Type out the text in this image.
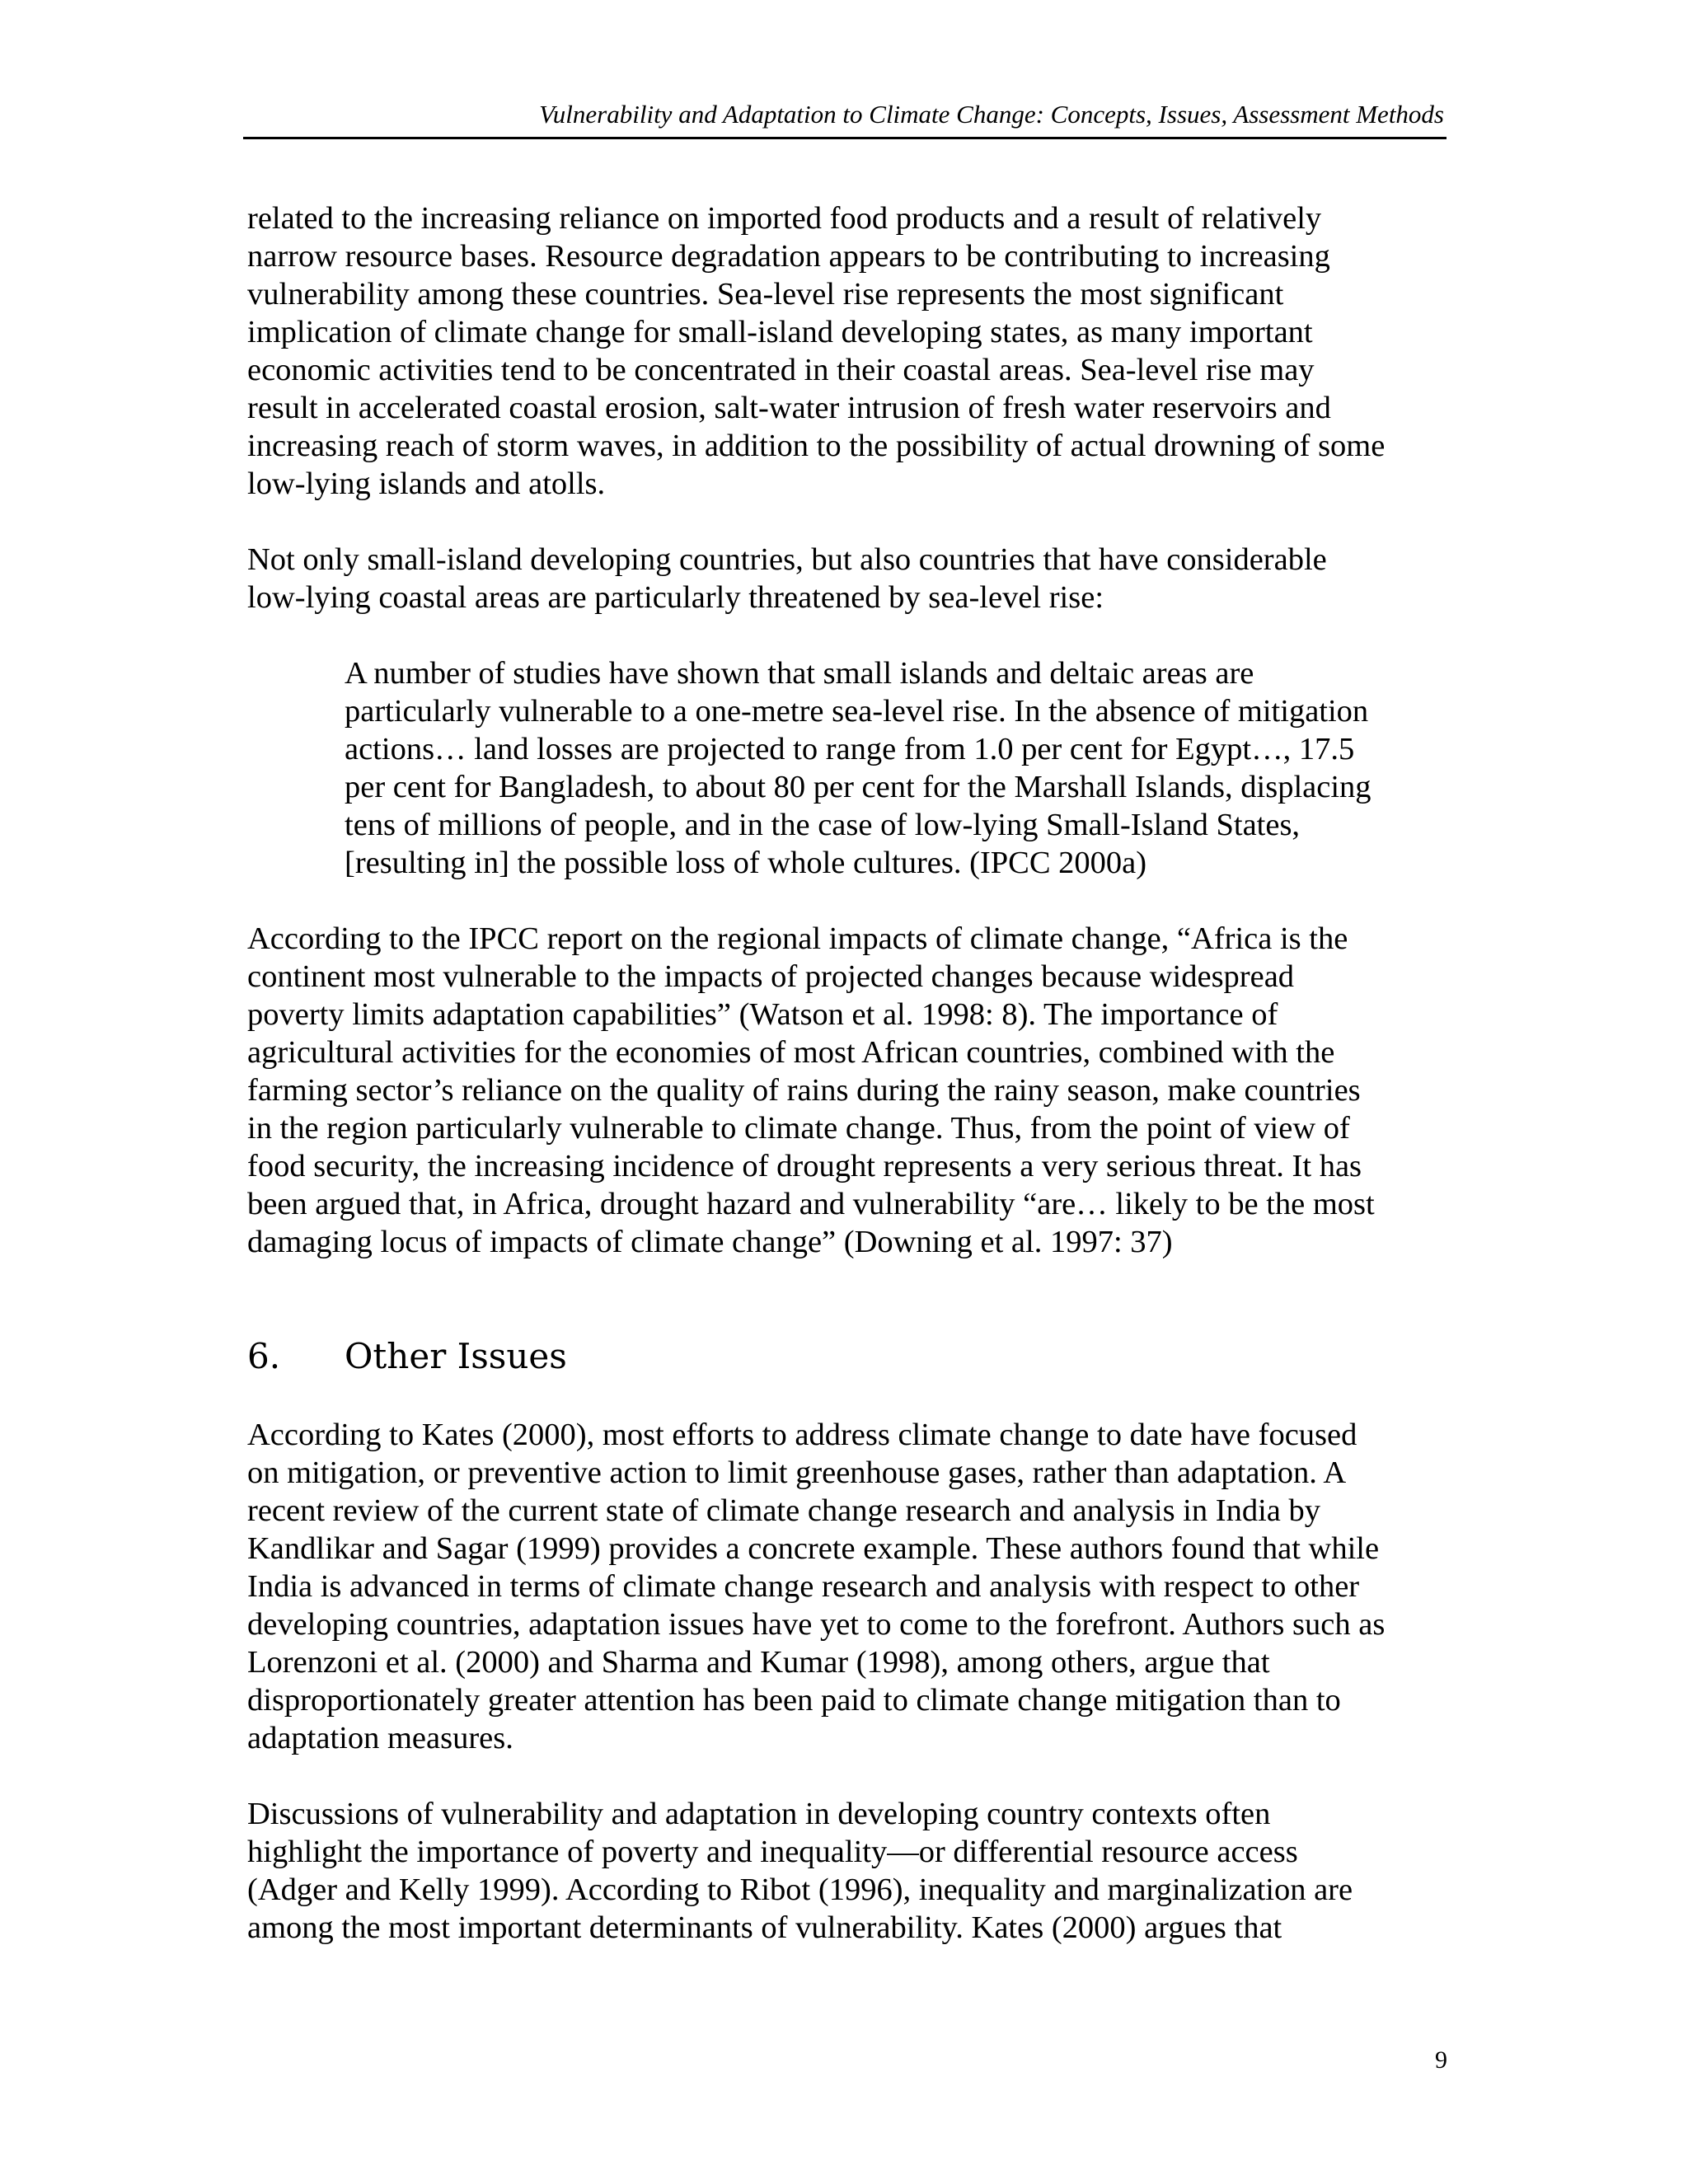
Vulnerability and Adaptation to Climate Change: Concepts, Issues, Assessment Methods
related to the increasing reliance on imported food products and a result of relatively
narrow resource bases. Resource degradation appears to be contributing to increasing
vulnerability among these countries. Sea-level rise represents the most significant
implication of climate change for small-island developing states, as many important
economic activities tend to be concentrated in their coastal areas. Sea-level rise may
result in accelerated coastal erosion, salt-water intrusion of fresh water reservoirs and
increasing reach of storm waves, in addition to the possibility of actual drowning of some
low-lying islands and atolls.
Not only small-island developing countries, but also countries that have considerable
low-lying coastal areas are particularly threatened by sea-level rise:
A number of studies have shown that small islands and deltaic areas are
particularly vulnerable to a one-metre sea-level rise. In the absence of mitigation
actions… land losses are projected to range from 1.0 per cent for Egypt…, 17.5
per cent for Bangladesh, to about 80 per cent for the Marshall Islands, displacing
tens of millions of people, and in the case of low-lying Small-Island States,
[resulting in] the possible loss of whole cultures. (IPCC 2000a)
According to the IPCC report on the regional impacts of climate change, “Africa is the
continent most vulnerable to the impacts of projected changes because widespread
poverty limits adaptation capabilities” (Watson et al. 1998: 8). The importance of
agricultural activities for the economies of most African countries, combined with the
farming sector’s reliance on the quality of rains during the rainy season, make countries
in the region particularly vulnerable to climate change. Thus, from the point of view of
food security, the increasing incidence of drought represents a very serious threat. It has
been argued that, in Africa, drought hazard and vulnerability “are… likely to be the most
damaging locus of impacts of climate change” (Downing et al. 1997: 37)
6. Other Issues
According to Kates (2000), most efforts to address climate change to date have focused
on mitigation, or preventive action to limit greenhouse gases, rather than adaptation. A
recent review of the current state of climate change research and analysis in India by
Kandlikar and Sagar (1999) provides a concrete example. These authors found that while
India is advanced in terms of climate change research and analysis with respect to other
developing countries, adaptation issues have yet to come to the forefront. Authors such as
Lorenzoni et al. (2000) and Sharma and Kumar (1998), among others, argue that
disproportionately greater attention has been paid to climate change mitigation than to
adaptation measures.
Discussions of vulnerability and adaptation in developing country contexts often
highlight the importance of poverty and inequality—or differential resource access
(Adger and Kelly 1999). According to Ribot (1996), inequality and marginalization are
among the most important determinants of vulnerability. Kates (2000) argues that
9
